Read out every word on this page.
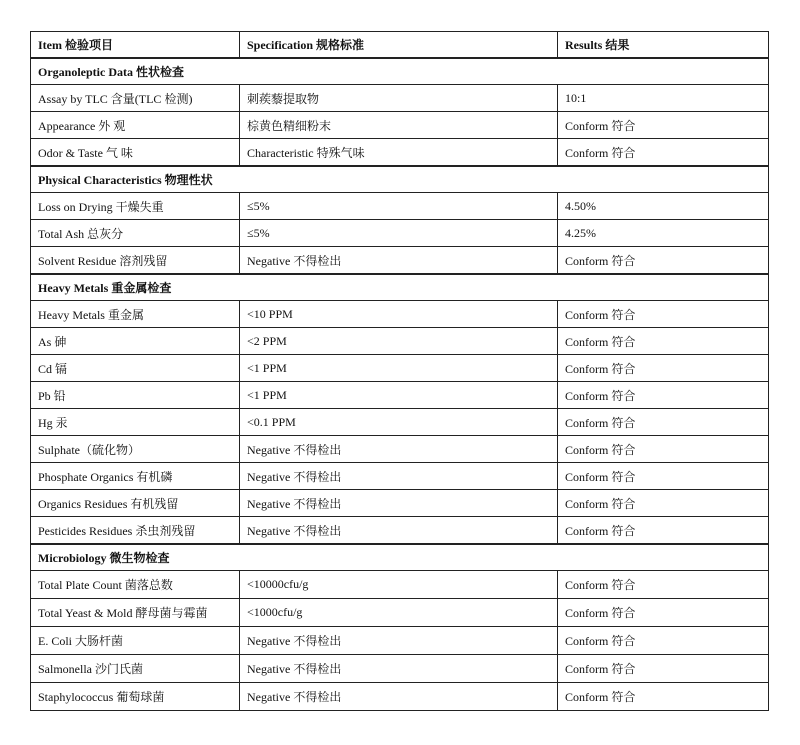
Item 检验项目	Specification 规格标准	Results 结果
Organoleptic Data 性状检查		
Assay by TLC 含量(TLC 检测)	刺蒺藜提取物	10:1
Appearance 外 观	棕黄色精细粉末	Conform 符合
Odor & Taste 气 味	Characteristic 特殊气味	Conform 符合
Physical Characteristics 物理性状		
Loss on Drying 干燥失重	≤5%	4.50%
Total Ash 总灰分	≤5%	4.25%
Solvent Residue 溶剂残留	Negative 不得检出	Conform 符合
Heavy Metals 重金属检查		
Heavy Metals 重金属	<10 PPM	Conform 符合
As 砷	<2 PPM	Conform 符合
Cd 镉	<1 PPM	Conform 符合
Pb 铅	<1 PPM	Conform 符合
Hg 汞	<0.1 PPM	Conform 符合
Sulphate（硫化物）	Negative 不得检出	Conform 符合
Phosphate Organics 有机磷	Negative 不得检出	Conform 符合
Organics Residues 有机残留	Negative 不得检出	Conform 符合
Pesticides Residues 杀虫剂残留	Negative 不得检出	Conform 符合
Microbiology 微生物检查		
Total Plate Count 菌落总数	<10000cfu/g	Conform 符合
Total Yeast & Mold 酵母菌与霉菌	<1000cfu/g	Conform 符合
E. Coli 大肠杆菌	Negative 不得检出	Conform 符合
Salmonella 沙门氏菌	Negative 不得检出	Conform 符合
Staphylococcus 葡萄球菌	Negative 不得检出	Conform 符合
